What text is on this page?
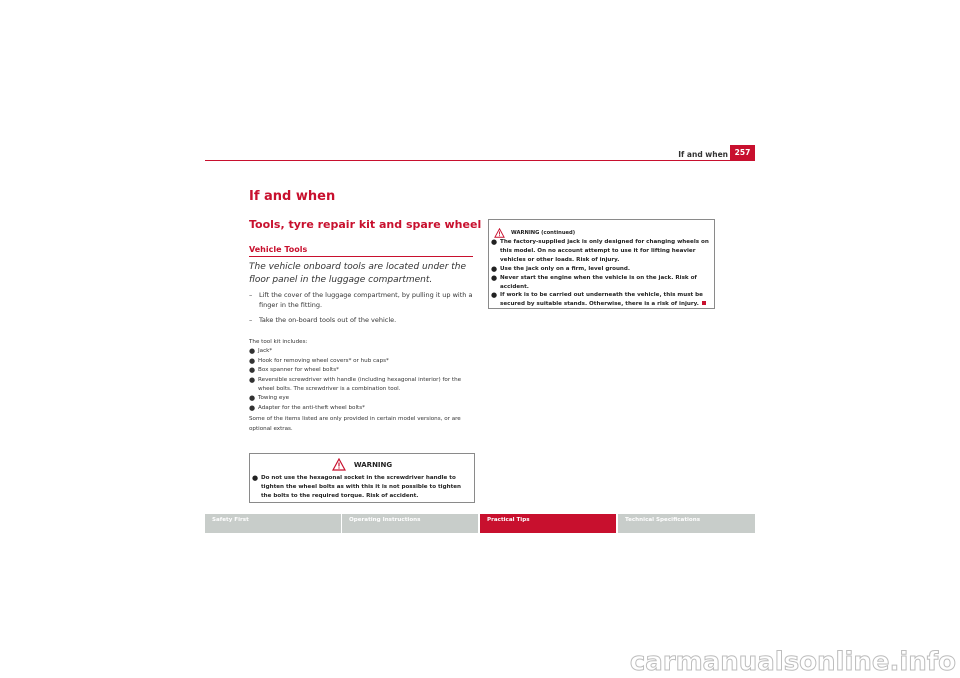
If and when 257
If and when
Tools, tyre repair kit and spare wheel
Vehicle Tools
The vehicle onboard tools are located under the floor panel in the luggage compartment.
– Lift the cover of the luggage compartment, by pulling it up with a finger in the fitting.
– Take the on-board tools out of the vehicle.
The tool kit includes:
● Jack*
● Hook for removing wheel covers* or hub caps*
● Box spanner for wheel bolts*
● Reversible screwdriver with handle (including hexagonal interior) for the wheel bolts. The screwdriver is a combination tool.
● Towing eye
● Adapter for the anti-theft wheel bolts*
Some of the items listed are only provided in certain model versions, or are optional extras.
WARNING
● Do not use the hexagonal socket in the screwdriver handle to tighten the wheel bolts as with this it is not possible to tighten the bolts to the required torque. Risk of accident.
WARNING (continued)
● The factory-supplied jack is only designed for changing wheels on this model. On no account attempt to use it for lifting heavier vehicles or other loads. Risk of injury.
● Use the jack only on a firm, level ground.
● Never start the engine when the vehicle is on the jack. Risk of accident.
● If work is to be carried out underneath the vehicle, this must be secured by suitable stands. Otherwise, there is a risk of injury.
Safety First	Operating Instructions	Practical Tips	Technical Specifications
carmanualsonline.info
